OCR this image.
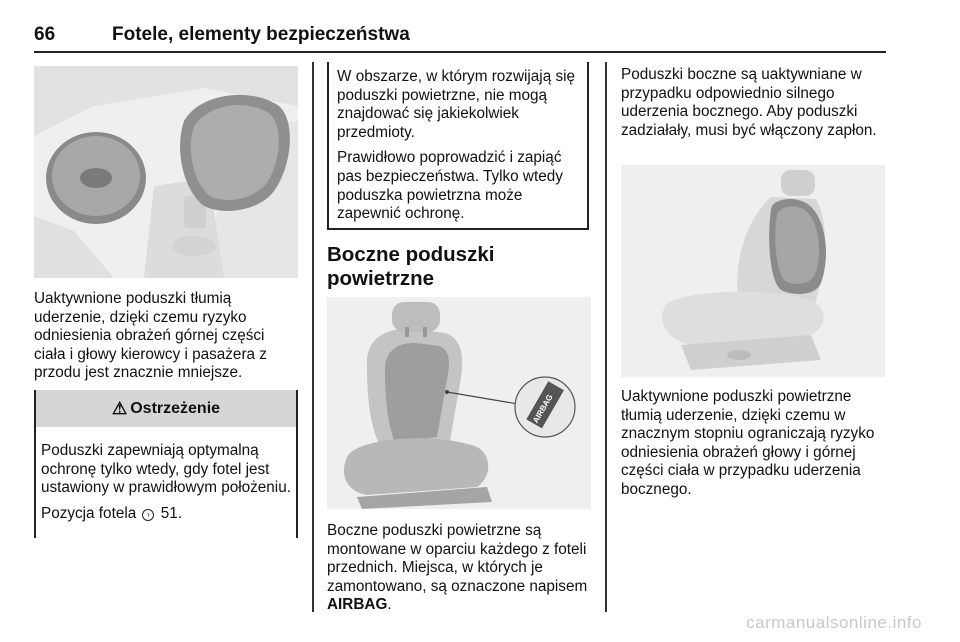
66	Fotele, elementy bezpieczeństwa
Uaktywnione poduszki tłumią uderzenie, dzięki czemu ryzyko odniesienia obrażeń górnej części ciała i głowy kierowcy i pasażera z przodu jest znacznie mniejsze.
⚠ Ostrzeżenie

Poduszki zapewniają optymalną ochronę tylko wtedy, gdy fotel jest ustawiony w prawidłowym położeniu.

Pozycja fotela › 51.

W obszarze, w którym rozwijają się poduszki powietrzne, nie mogą znajdować się jakiekolwiek przedmioty.

Prawidłowo poprowadzić i zapiąć pas bezpieczeństwa. Tylko wtedy poduszka powietrzna może zapewnić ochronę.

Boczne poduszki powietrzne
AIRBAG
Boczne poduszki powietrzne są montowane w oparciu każdego z foteli przednich. Miejsca, w których je zamontowano, są oznaczone napisem AIRBAG.
Poduszki boczne są uaktywniane w przypadku odpowiednio silnego uderzenia bocznego. Aby poduszki zadziałały, musi być włączony zapłon.
Uaktywnione poduszki powietrzne tłumią uderzenie, dzięki czemu w znacznym stopniu ograniczają ryzyko odniesienia obrażeń głowy i górnej części ciała w przypadku uderzenia bocznego.
carmanualsonline.info
